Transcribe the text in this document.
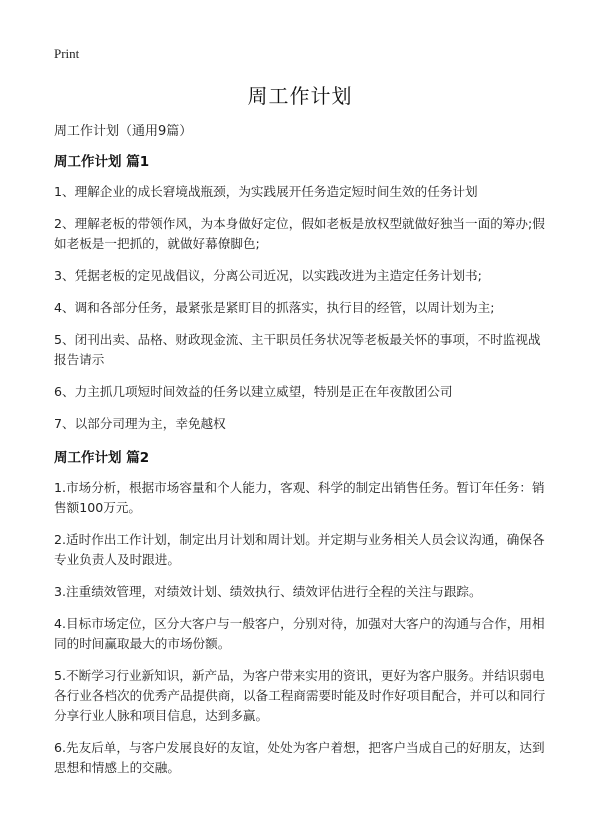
Print
周工作计划

周工作计划（通用9篇）

周工作计划 篇1

1、理解企业的成长窘境战瓶颈，为实践展开任务造定短时间生效的任务计划

2、理解老板的带领作风，为本身做好定位，假如老板是放权型就做好独当一面的筹办;假如老板是一把抓的，就做好幕僚脚色;

3、凭据老板的定见战倡议，分离公司近况，以实践改进为主造定任务计划书;

4、调和各部分任务，最紧张是紧盯目的抓落实，执行目的经管，以周计划为主;

5、闭刊出卖、品格、财政现金流、主干职员任务状况等老板最关怀的事项，不时监视战报告请示

6、力主抓几项短时间效益的任务以建立威望，特别是正在年夜散团公司

7、以部分司理为主，幸免越权

周工作计划 篇2

1.市场分析，根据市场容量和个人能力，客观、科学的制定出销售任务。暂订年任务：销售额100万元。

2.适时作出工作计划，制定出月计划和周计划。并定期与业务相关人员会议沟通，确保各专业负责人及时跟进。

3.注重绩效管理，对绩效计划、绩效执行、绩效评估进行全程的关注与跟踪。

4.目标市场定位，区分大客户与一般客户，分别对待，加强对大客户的沟通与合作，用相同的时间赢取最大的市场份额。

5.不断学习行业新知识，新产品，为客户带来实用的资讯，更好为客户服务。并结识弱电各行业各档次的优秀产品提供商，以备工程商需要时能及时作好项目配合，并可以和同行分享行业人脉和项目信息，达到多赢。

6.先友后单，与客户发展良好的友谊，处处为客户着想，把客户当成自己的好朋友，达到思想和情感上的交融。
